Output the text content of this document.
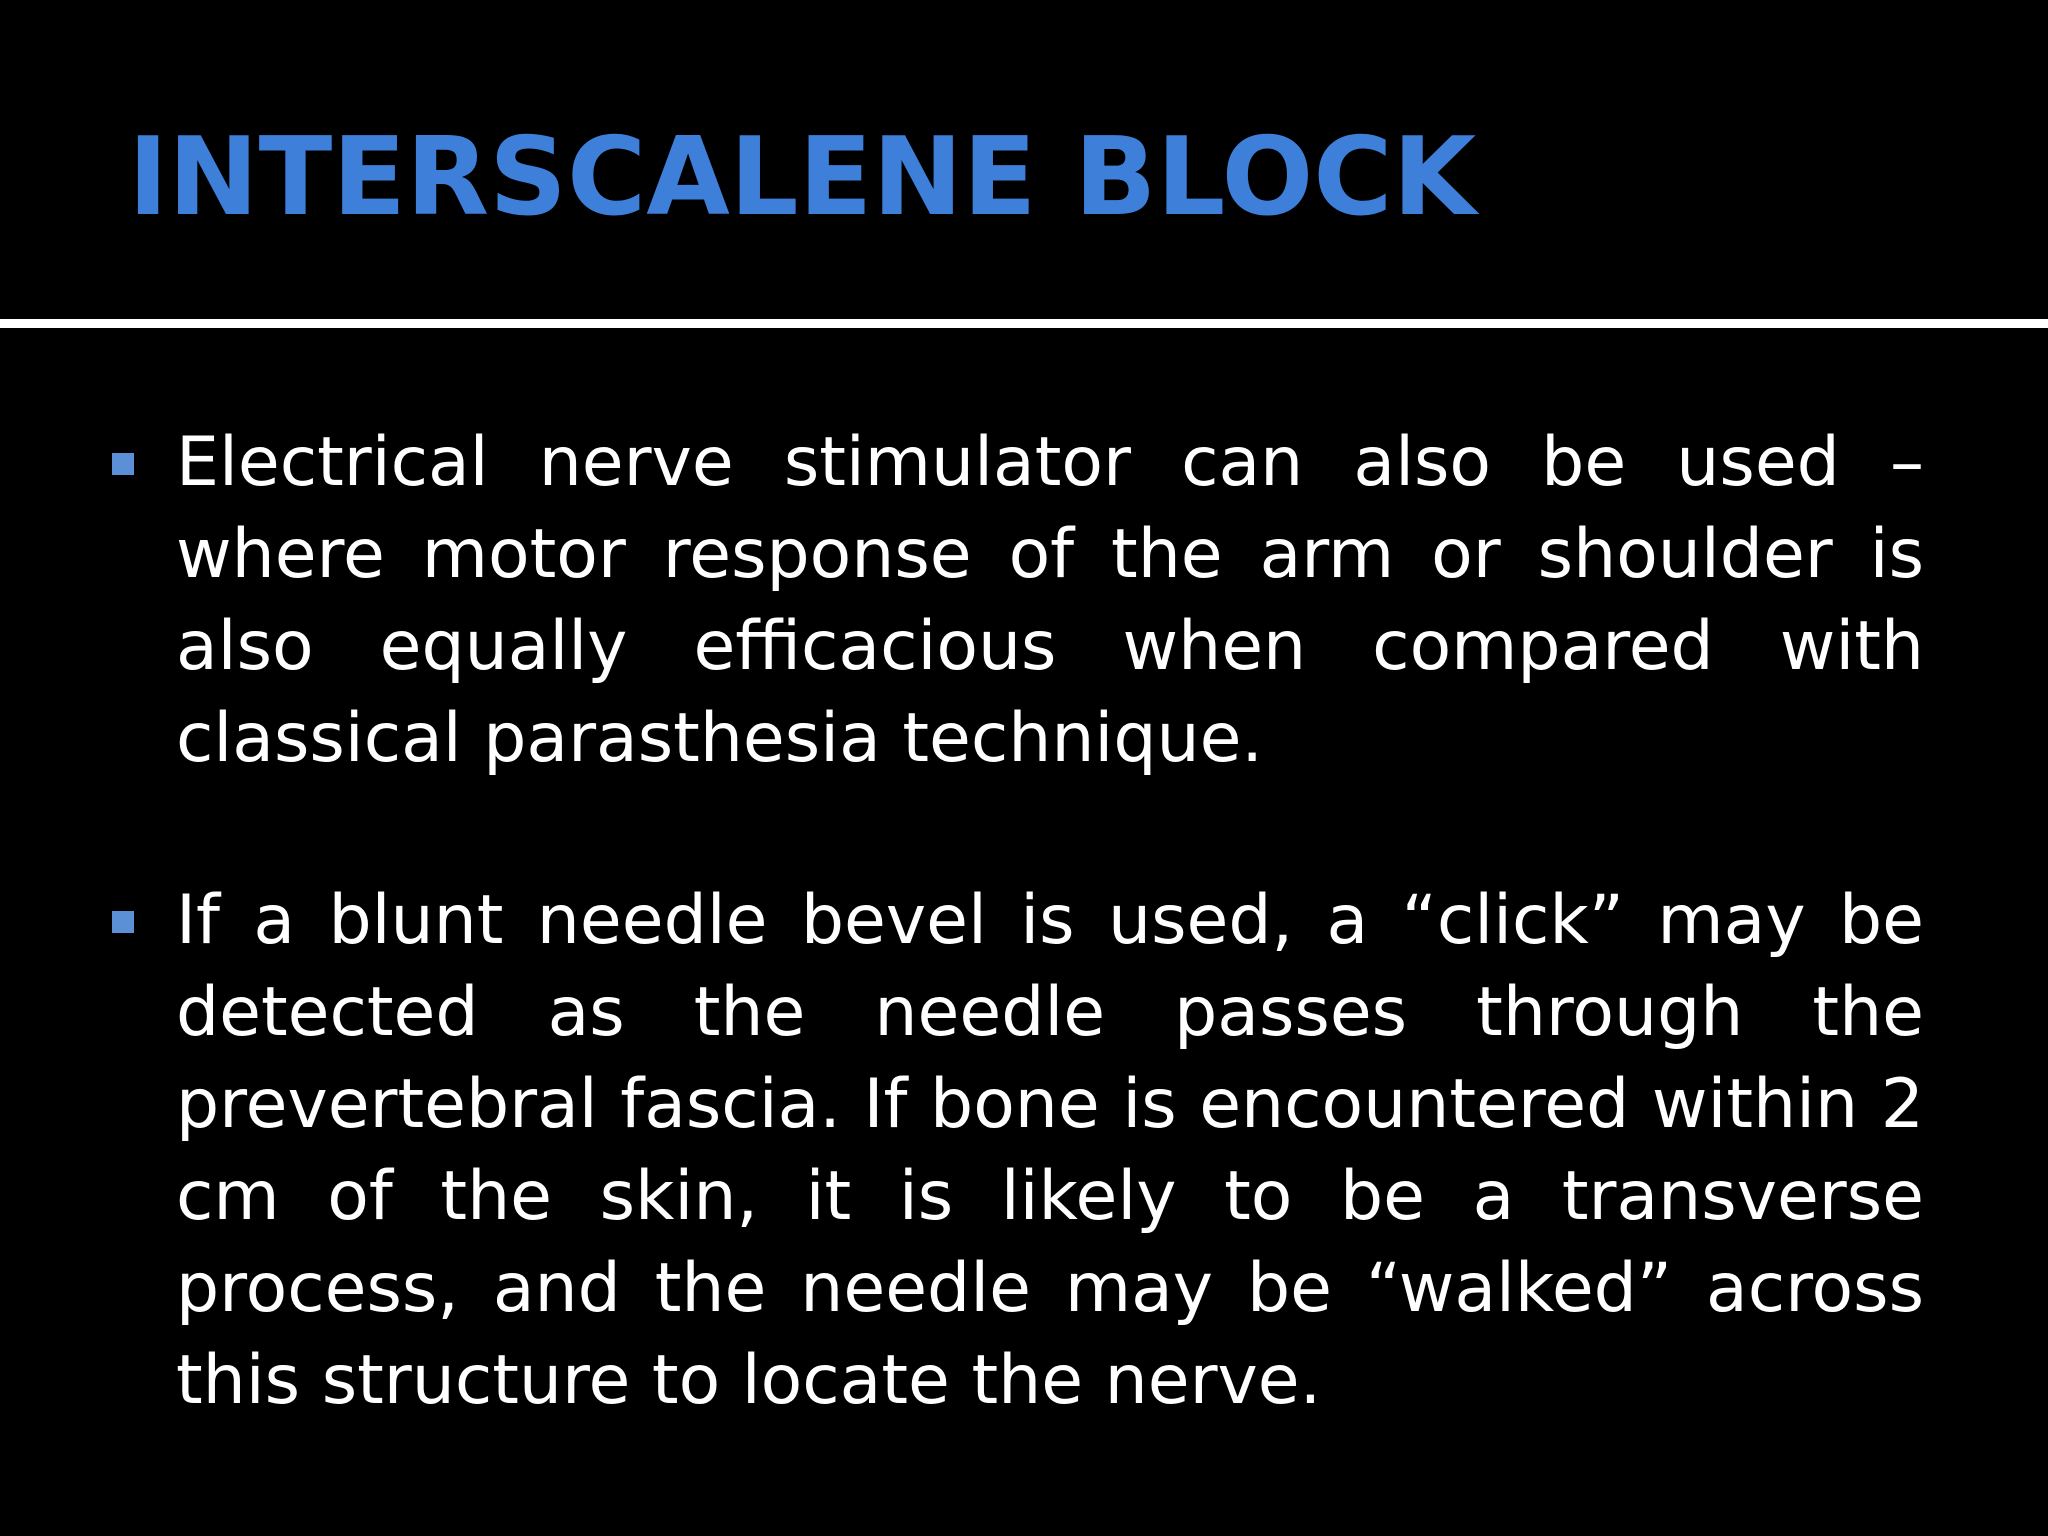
INTERSCALENE BLOCK
Electrical nerve stimulator can also be used – where motor response of the arm or shoulder is also equally efficacious when compared with classical parasthesia technique.
If a blunt needle bevel is used, a “click” may be detected as the needle passes through the prevertebral fascia. If bone is encountered within 2 cm of the skin, it is likely to be a transverse process, and the needle may be “walked” across this structure to locate the nerve.
